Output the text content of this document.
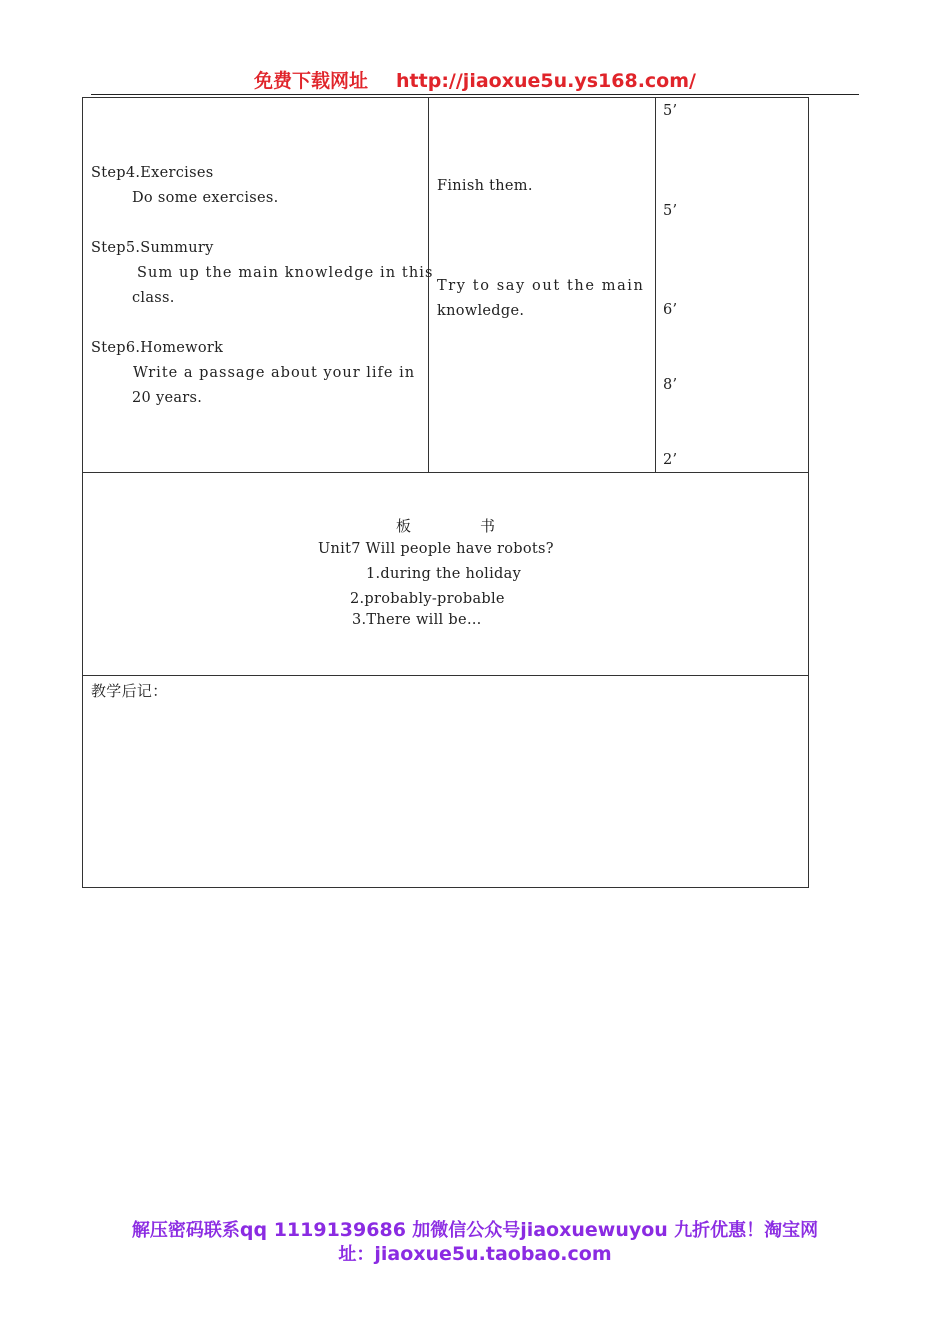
免费下载网址 http://jiaoxue5u.ys168.com/
Step4.Exercises
Do some exercises.
Step5.Summury
Sum up the main knowledge in this
class.
Step6.Homework
Write a passage about your life in
20 years.
Finish them.
Try to say out the main
knowledge.
5’
5’
6’
8’
2’
板	书
Unit7 Will people have robots?
1.during the holiday
2.probably-probable
3.There will be…
教学后记：
解压密码联系qq 1119139686 加微信公众号jiaoxuewuyou 九折优惠！淘宝网
址：jiaoxue5u.taobao.com
